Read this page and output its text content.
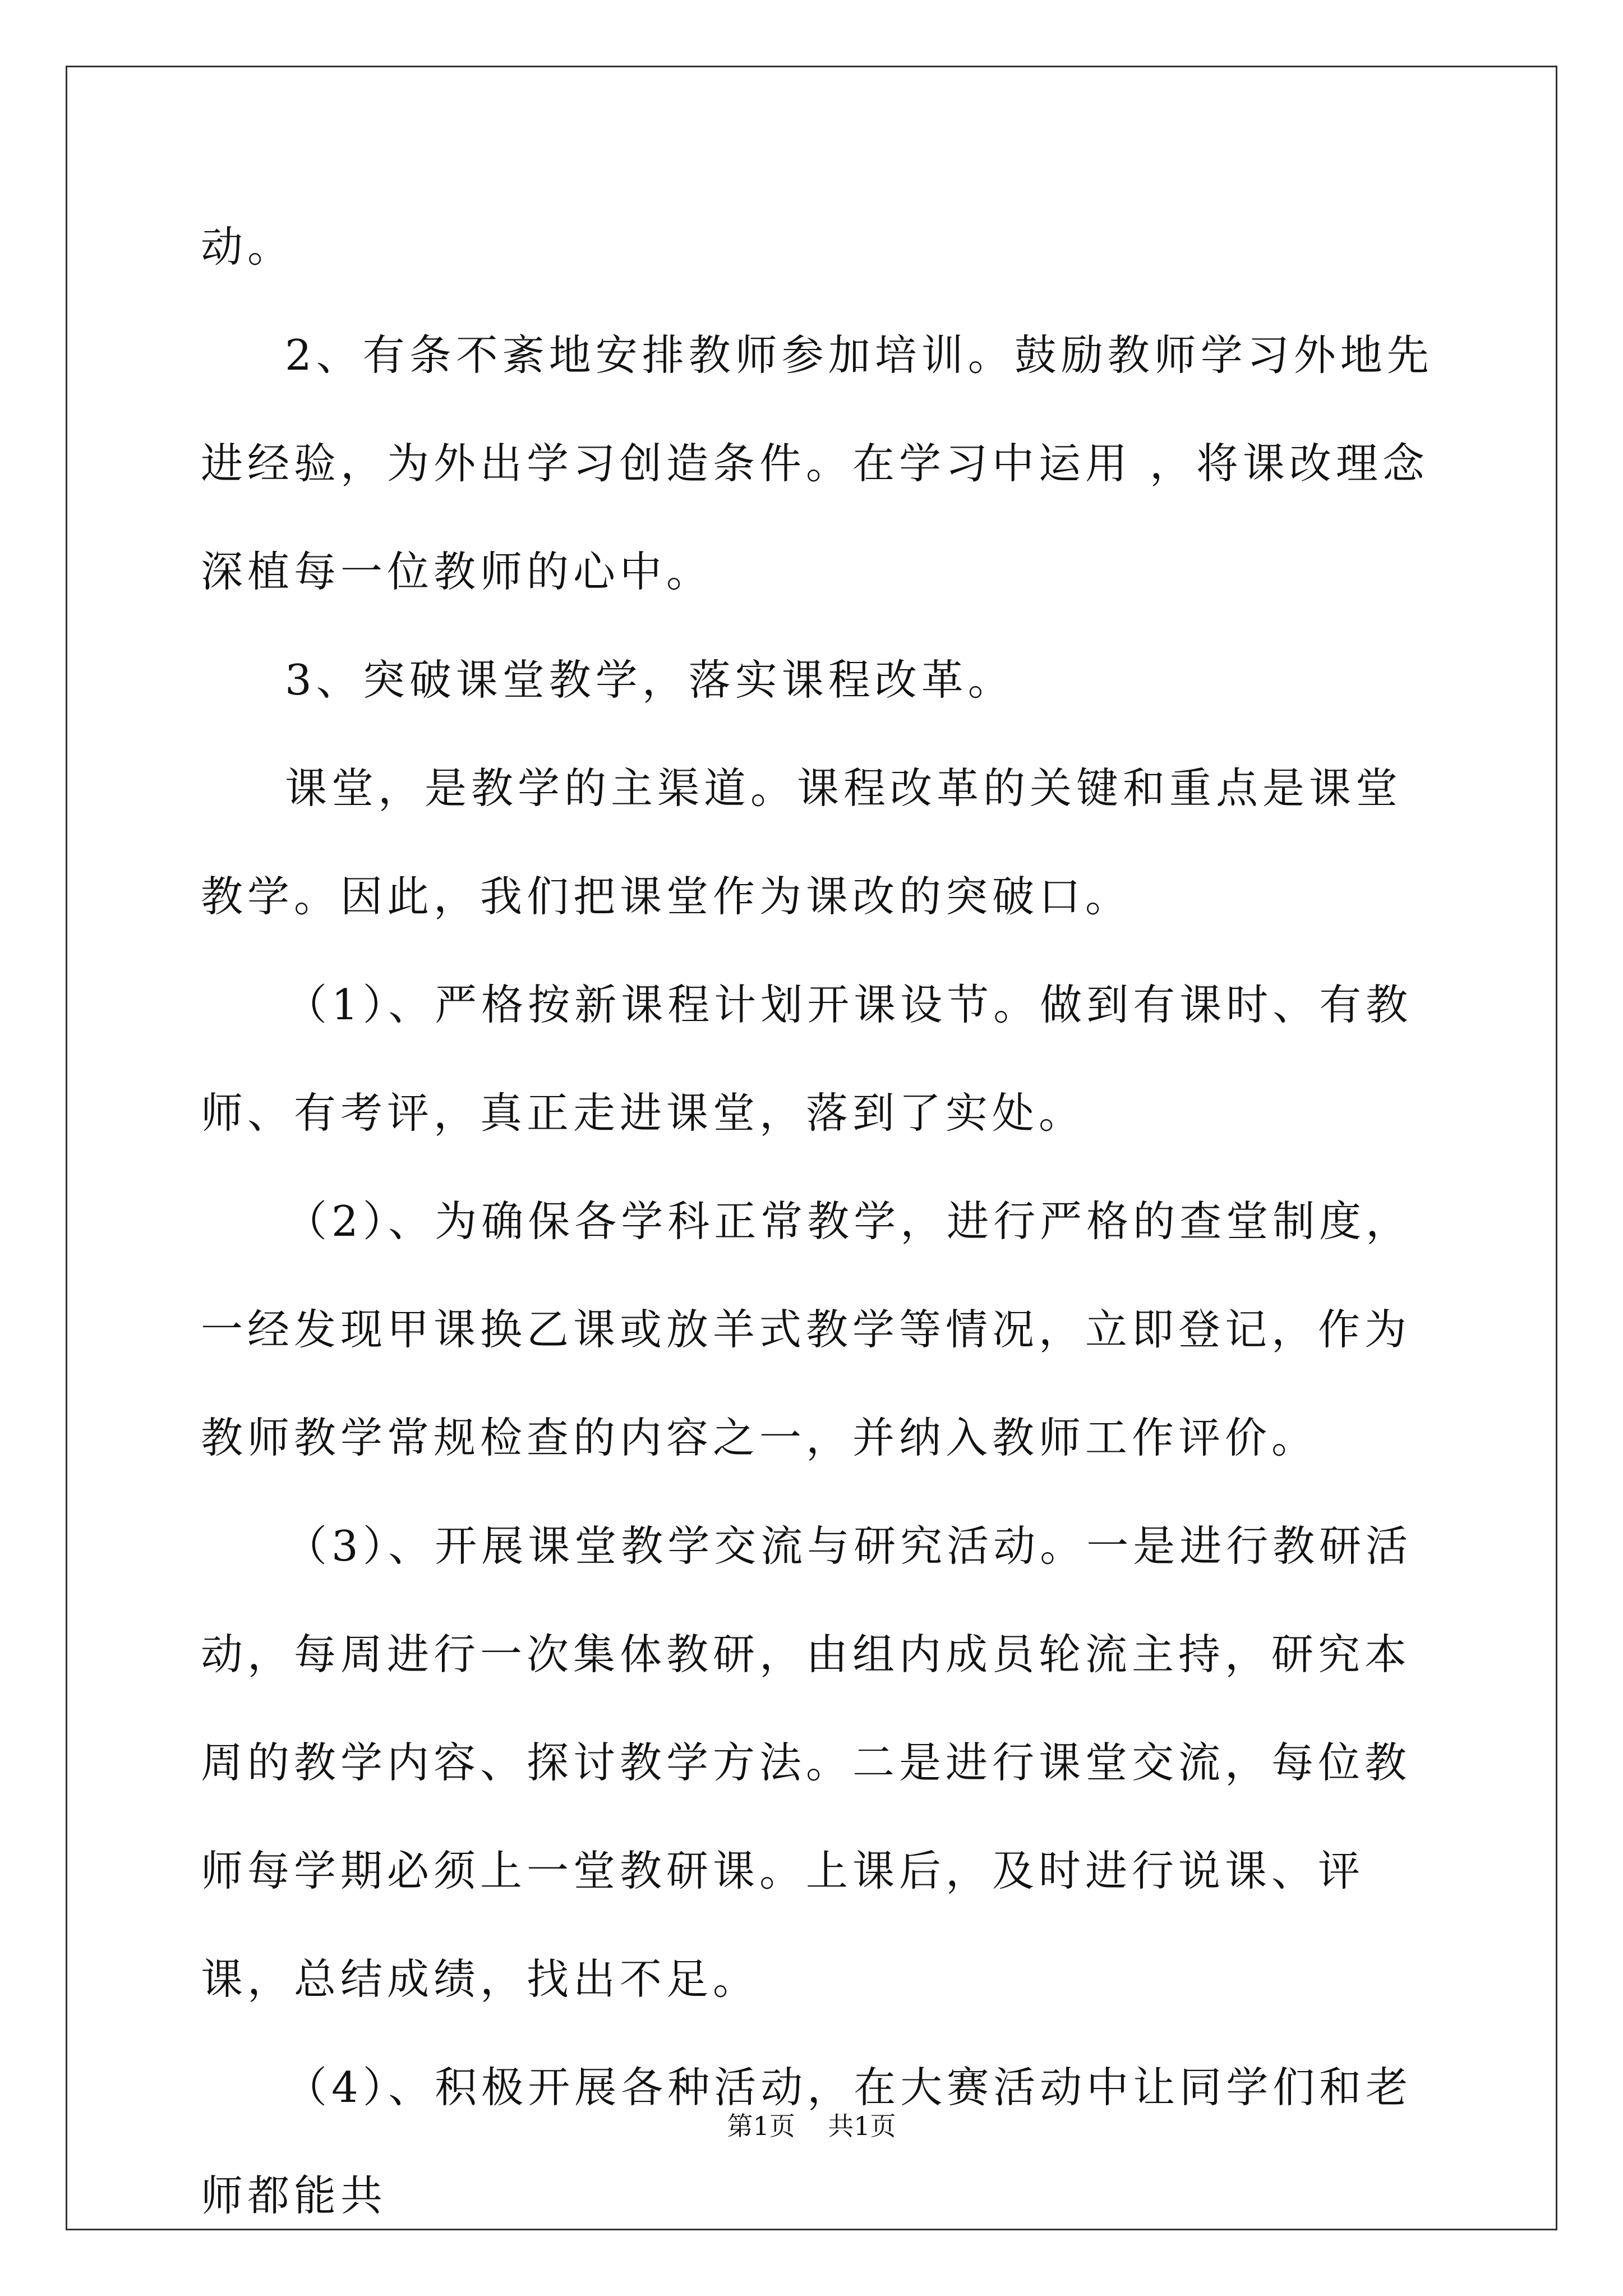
动。

2、有条不紊地安排教师参加培训。鼓励教师学习外地先进经验，为外出学习创造条件。在学习中运用 ，将课改理念深植每一位教师的心中。

3、突破课堂教学，落实课程改革。

课堂，是教学的主渠道。课程改革的关键和重点是课堂教学。因此，我们把课堂作为课改的突破口。

（1）、严格按新课程计划开课设节。做到有课时、有教师、有考评，真正走进课堂，落到了实处。

（2）、为确保各学科正常教学，进行严格的查堂制度，一经发现甲课换乙课或放羊式教学等情况，立即登记，作为教师教学常规检查的内容之一，并纳入教师工作评价。

（3）、开展课堂教学交流与研究活动。一是进行教研活动，每周进行一次集体教研，由组内成员轮流主持，研究本周的教学内容、探讨教学方法。二是进行课堂交流，每位教师每学期必须上一堂教研课。上课后，及时进行说课、评课，总结成绩，找出不足。

（4）、积极开展各种活动，在大赛活动中让同学们和老师都能共

第1页 共1页
